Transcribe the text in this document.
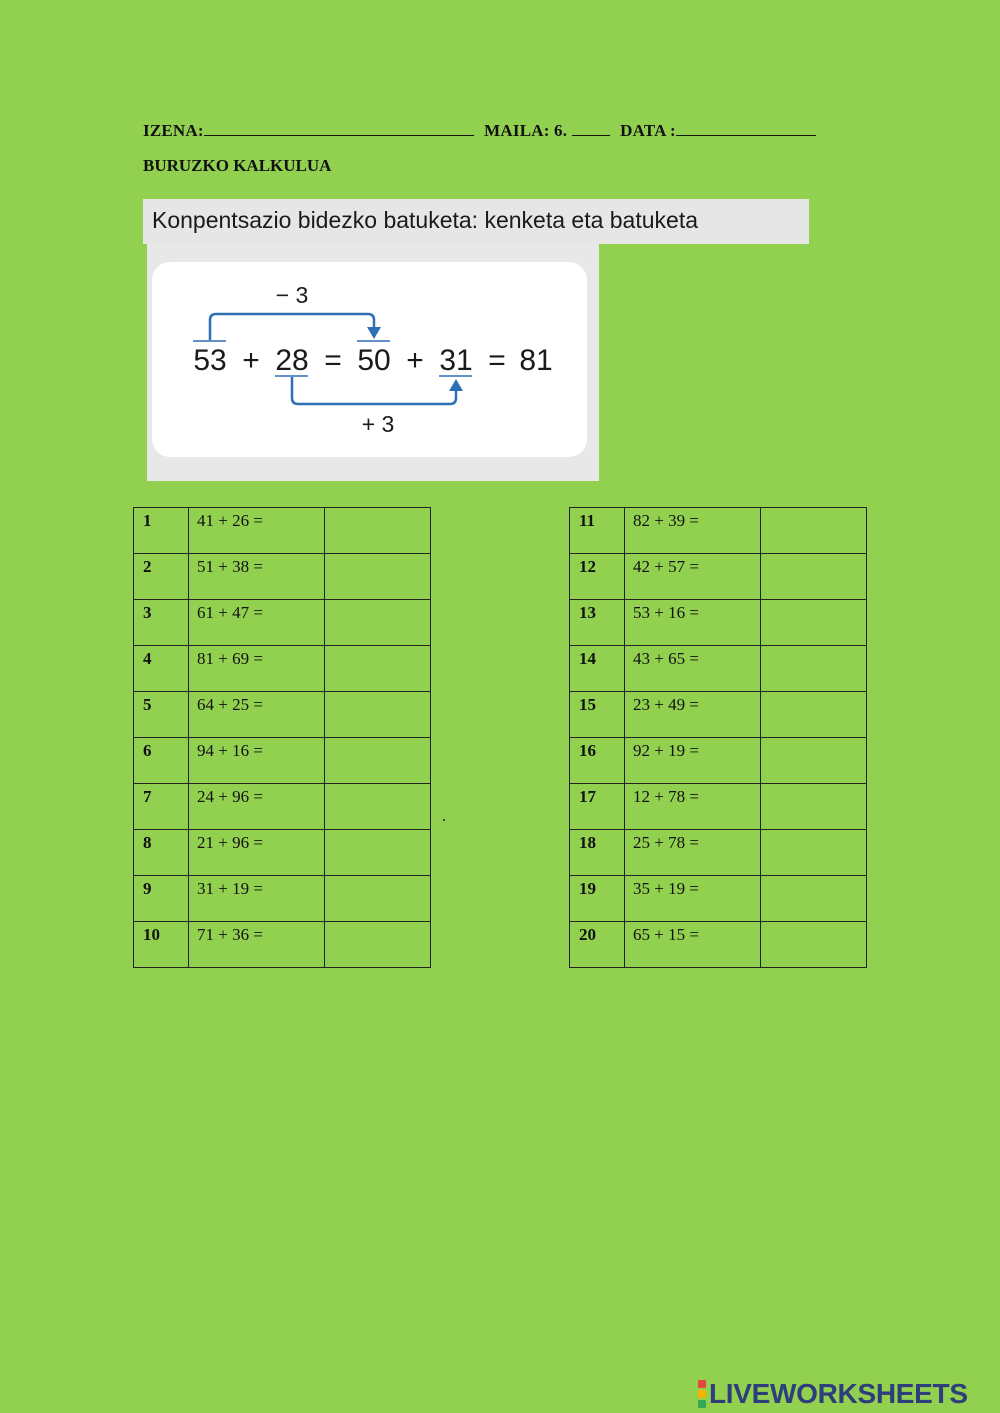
IZENA:	MAILA: 6.	DATA :
BURUZKO KALKULUA
Konpentsazio bidezko batuketa: kenketa eta batuketa
− 3
53 + 28 = 50 + 31 = 81
+ 3
1	41 + 26 =	
2	51 + 38 =	
3	61 + 47 =	
4	81 + 69 =	
5	64 + 25 =	
6	94 + 16 =	
7	24 + 96 =	
8	21 + 96 =	
9	31 + 19 =	
10	71 + 36 =	
11	82 + 39 =	
12	42 + 57 =	
13	53 + 16 =	
14	43 + 65 =	
15	23 + 49 =	
16	92 + 19 =	
17	12 + 78 =	
18	25 + 78 =	
19	35 + 19 =	
20	65 + 15 =	
.
LIVEWORKSHEETS
